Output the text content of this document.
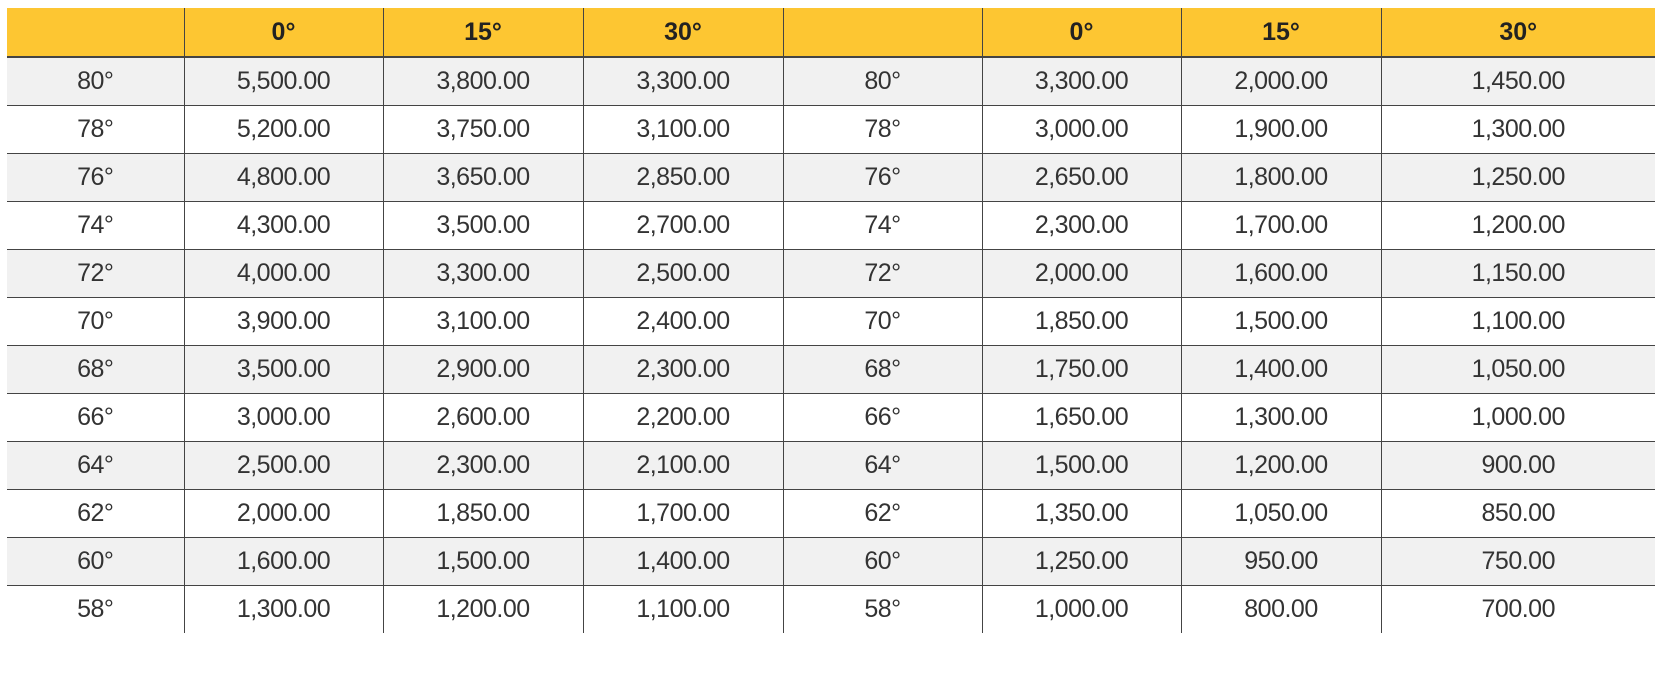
	0°	15°	30°		0°	15°	30°
80°	5,500.00	3,800.00	3,300.00	80°	3,300.00	2,000.00	1,450.00
78°	5,200.00	3,750.00	3,100.00	78°	3,000.00	1,900.00	1,300.00
76°	4,800.00	3,650.00	2,850.00	76°	2,650.00	1,800.00	1,250.00
74°	4,300.00	3,500.00	2,700.00	74°	2,300.00	1,700.00	1,200.00
72°	4,000.00	3,300.00	2,500.00	72°	2,000.00	1,600.00	1,150.00
70°	3,900.00	3,100.00	2,400.00	70°	1,850.00	1,500.00	1,100.00
68°	3,500.00	2,900.00	2,300.00	68°	1,750.00	1,400.00	1,050.00
66°	3,000.00	2,600.00	2,200.00	66°	1,650.00	1,300.00	1,000.00
64°	2,500.00	2,300.00	2,100.00	64°	1,500.00	1,200.00	900.00
62°	2,000.00	1,850.00	1,700.00	62°	1,350.00	1,050.00	850.00
60°	1,600.00	1,500.00	1,400.00	60°	1,250.00	950.00	750.00
58°	1,300.00	1,200.00	1,100.00	58°	1,000.00	800.00	700.00
